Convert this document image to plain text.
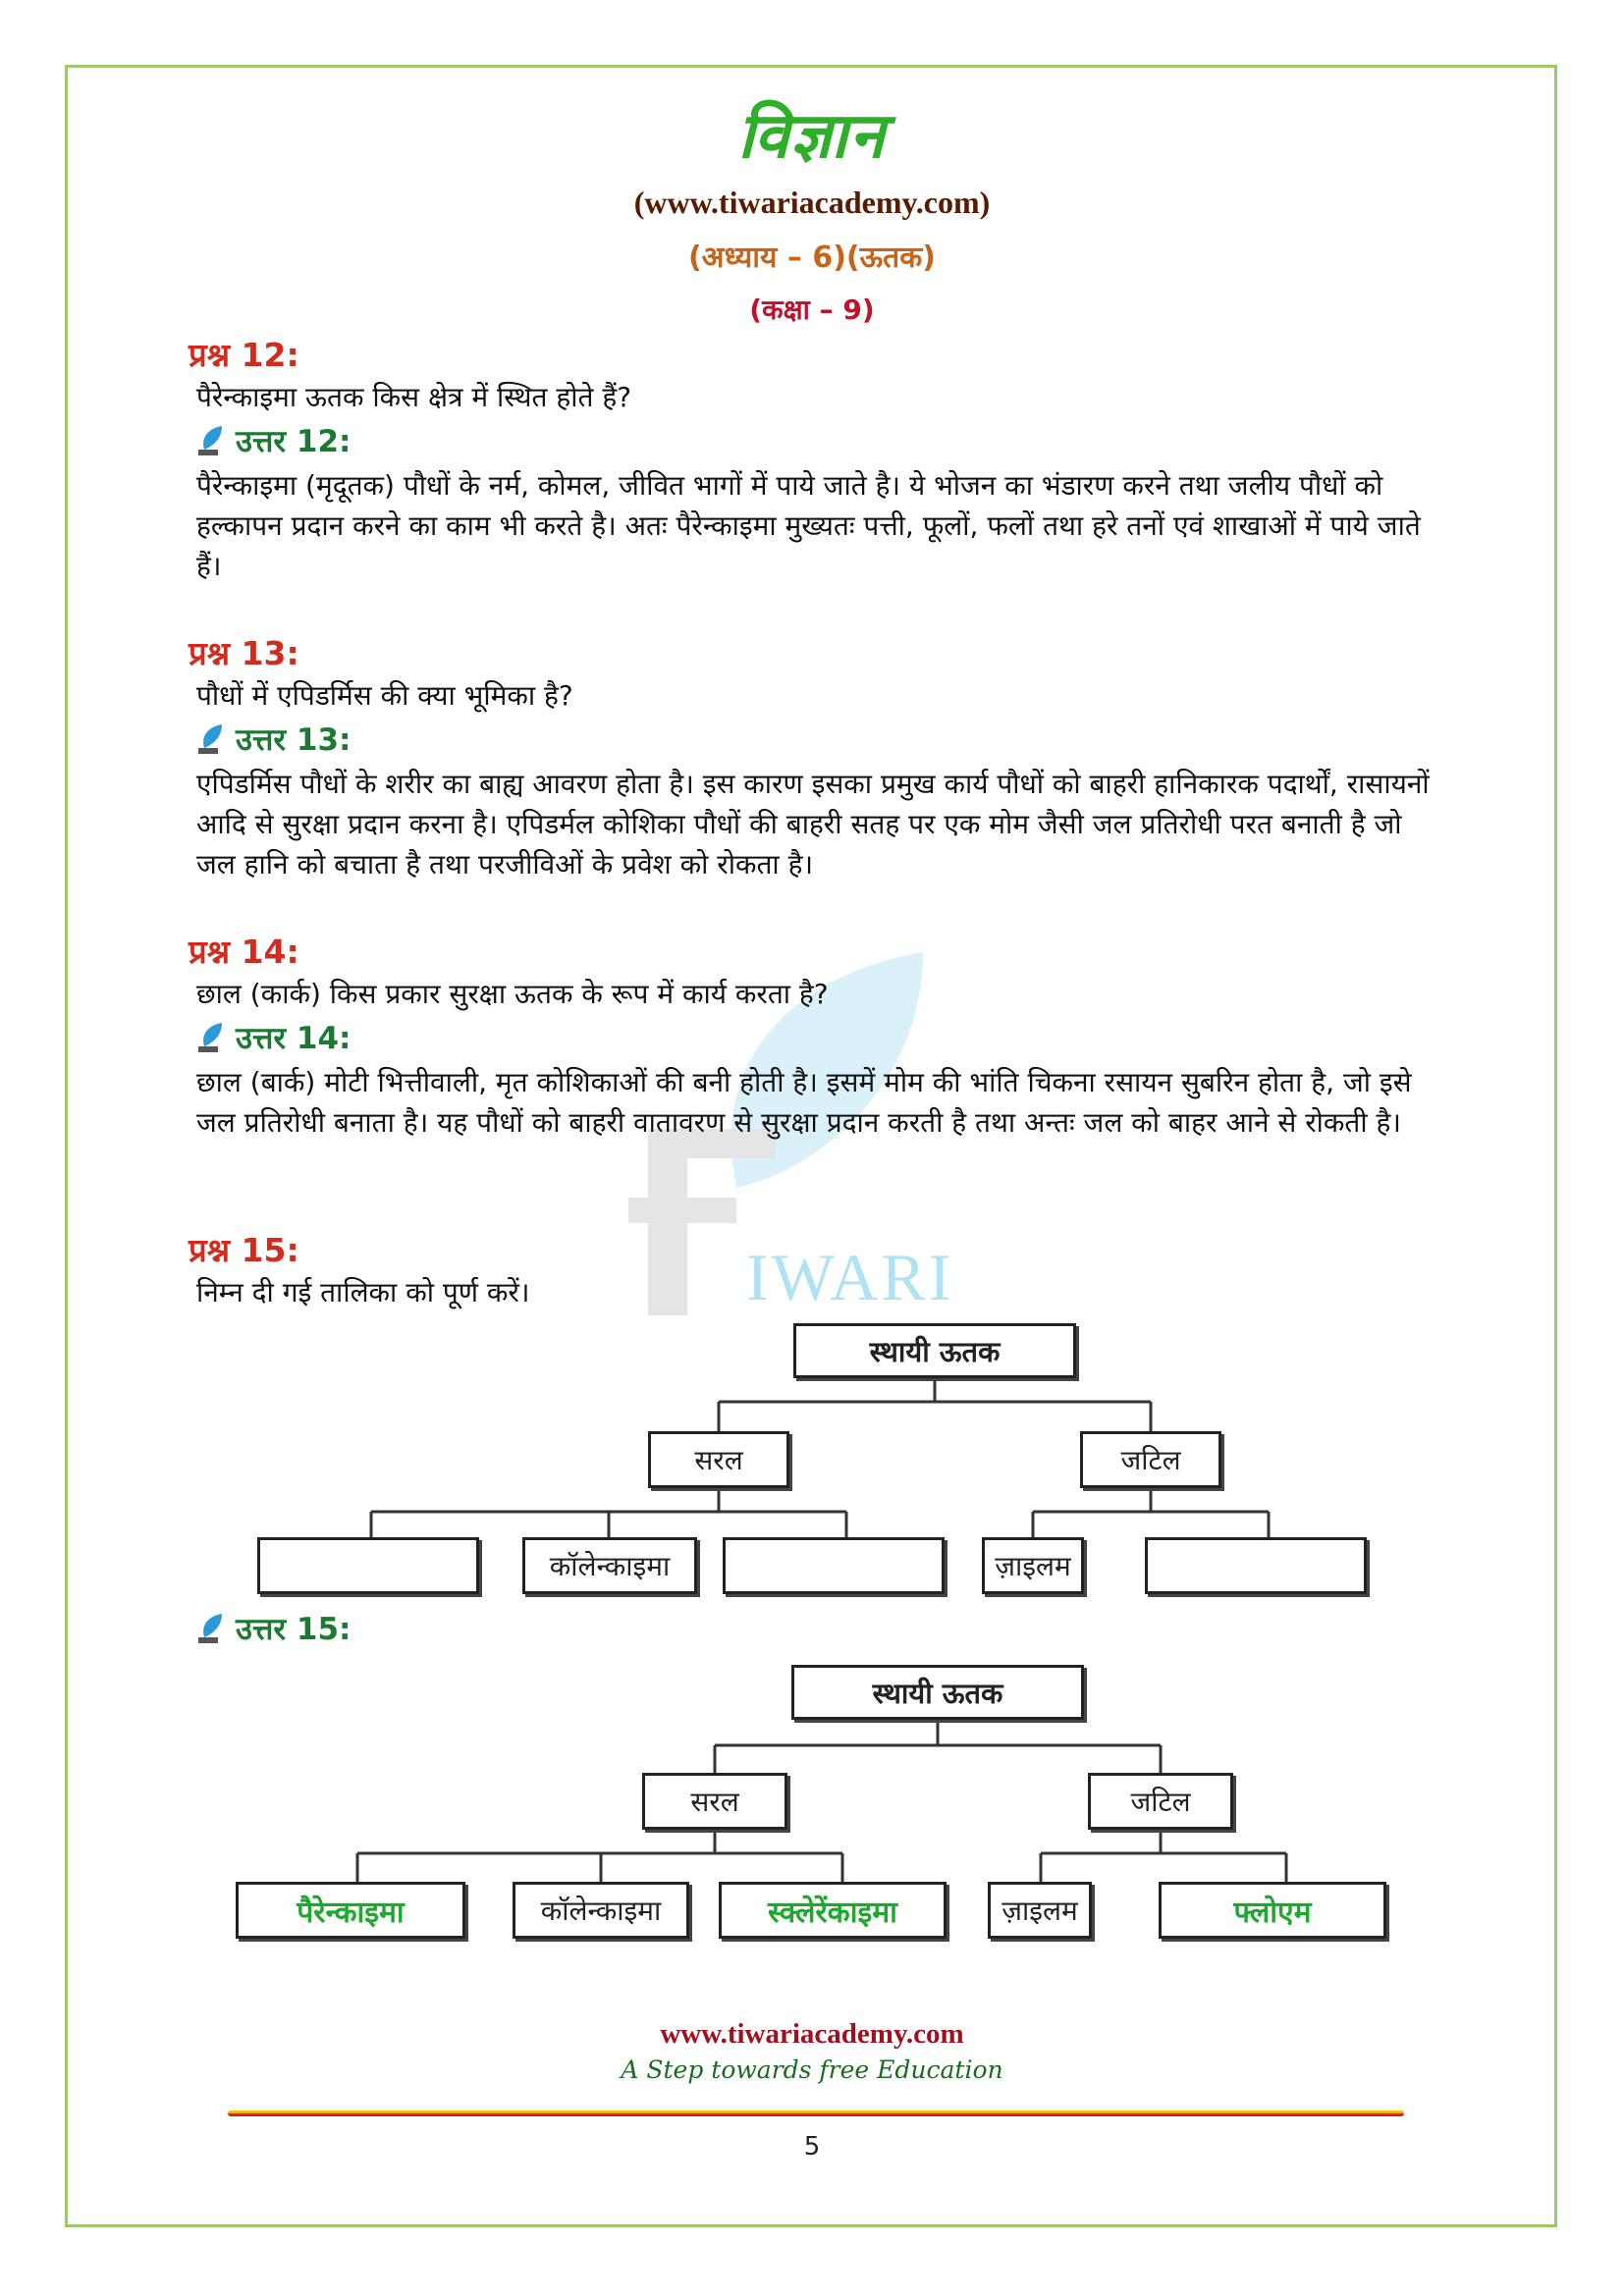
विज्ञान
(www.tiwariacademy.com)
(अध्याय – 6)(ऊतक)
(कक्षा – 9)
IWARI
प्रश्न 12:
पैरेन्काइमा ऊतक किस क्षेत्र में स्थित होते हैं?
उत्तर 12:
पैरेन्काइमा (मृदूतक) पौधों के नर्म, कोमल, जीवित भागों में पाये जाते है। ये भोजन का भंडारण करने तथा जलीय पौधों को हल्कापन प्रदान करने का काम भी करते है। अतः पैरेन्काइमा मुख्यतः पत्ती, फूलों, फलों तथा हरे तनों एवं शाखाओं में पाये जाते हैं।
प्रश्न 13:
पौधों में एपिडर्मिस की क्या भूमिका है?
उत्तर 13:
एपिडर्मिस पौधों के शरीर का बाह्य आवरण होता है। इस कारण इसका प्रमुख कार्य पौधों को बाहरी हानिकारक पदार्थों, रासायनों आदि से सुरक्षा प्रदान करना है। एपिडर्मल कोशिका पौधों की बाहरी सतह पर एक मोम जैसी जल प्रतिरोधी परत बनाती है जो जल हानि को बचाता है तथा परजीविओं के प्रवेश को रोकता है।
प्रश्न 14:
छाल (कार्क) किस प्रकार सुरक्षा ऊतक के रूप में कार्य करता है?
उत्तर 14:
छाल (बार्क) मोटी भित्तीवाली, मृत कोशिकाओं की बनी होती है। इसमें मोम की भांति चिकना रसायन सुबरिन होता है, जो इसे जल प्रतिरोधी बनाता है। यह पौधों को बाहरी वातावरण से सुरक्षा प्रदान करती है तथा अन्तः जल को बाहर आने से रोकती है।
प्रश्न 15:
निम्न दी गई तालिका को पूर्ण करें।
स्थायी ऊतक
सरल	जटिल
कॉलेन्काइमा	ज़ाइलम
उत्तर 15:
स्थायी ऊतक
सरल	जटिल
पैरेन्काइमा	कॉलेन्काइमा	स्क्लेरेंकाइमा	ज़ाइलम	फ्लोएम
www.tiwariacademy.com
A Step towards free Education
5
